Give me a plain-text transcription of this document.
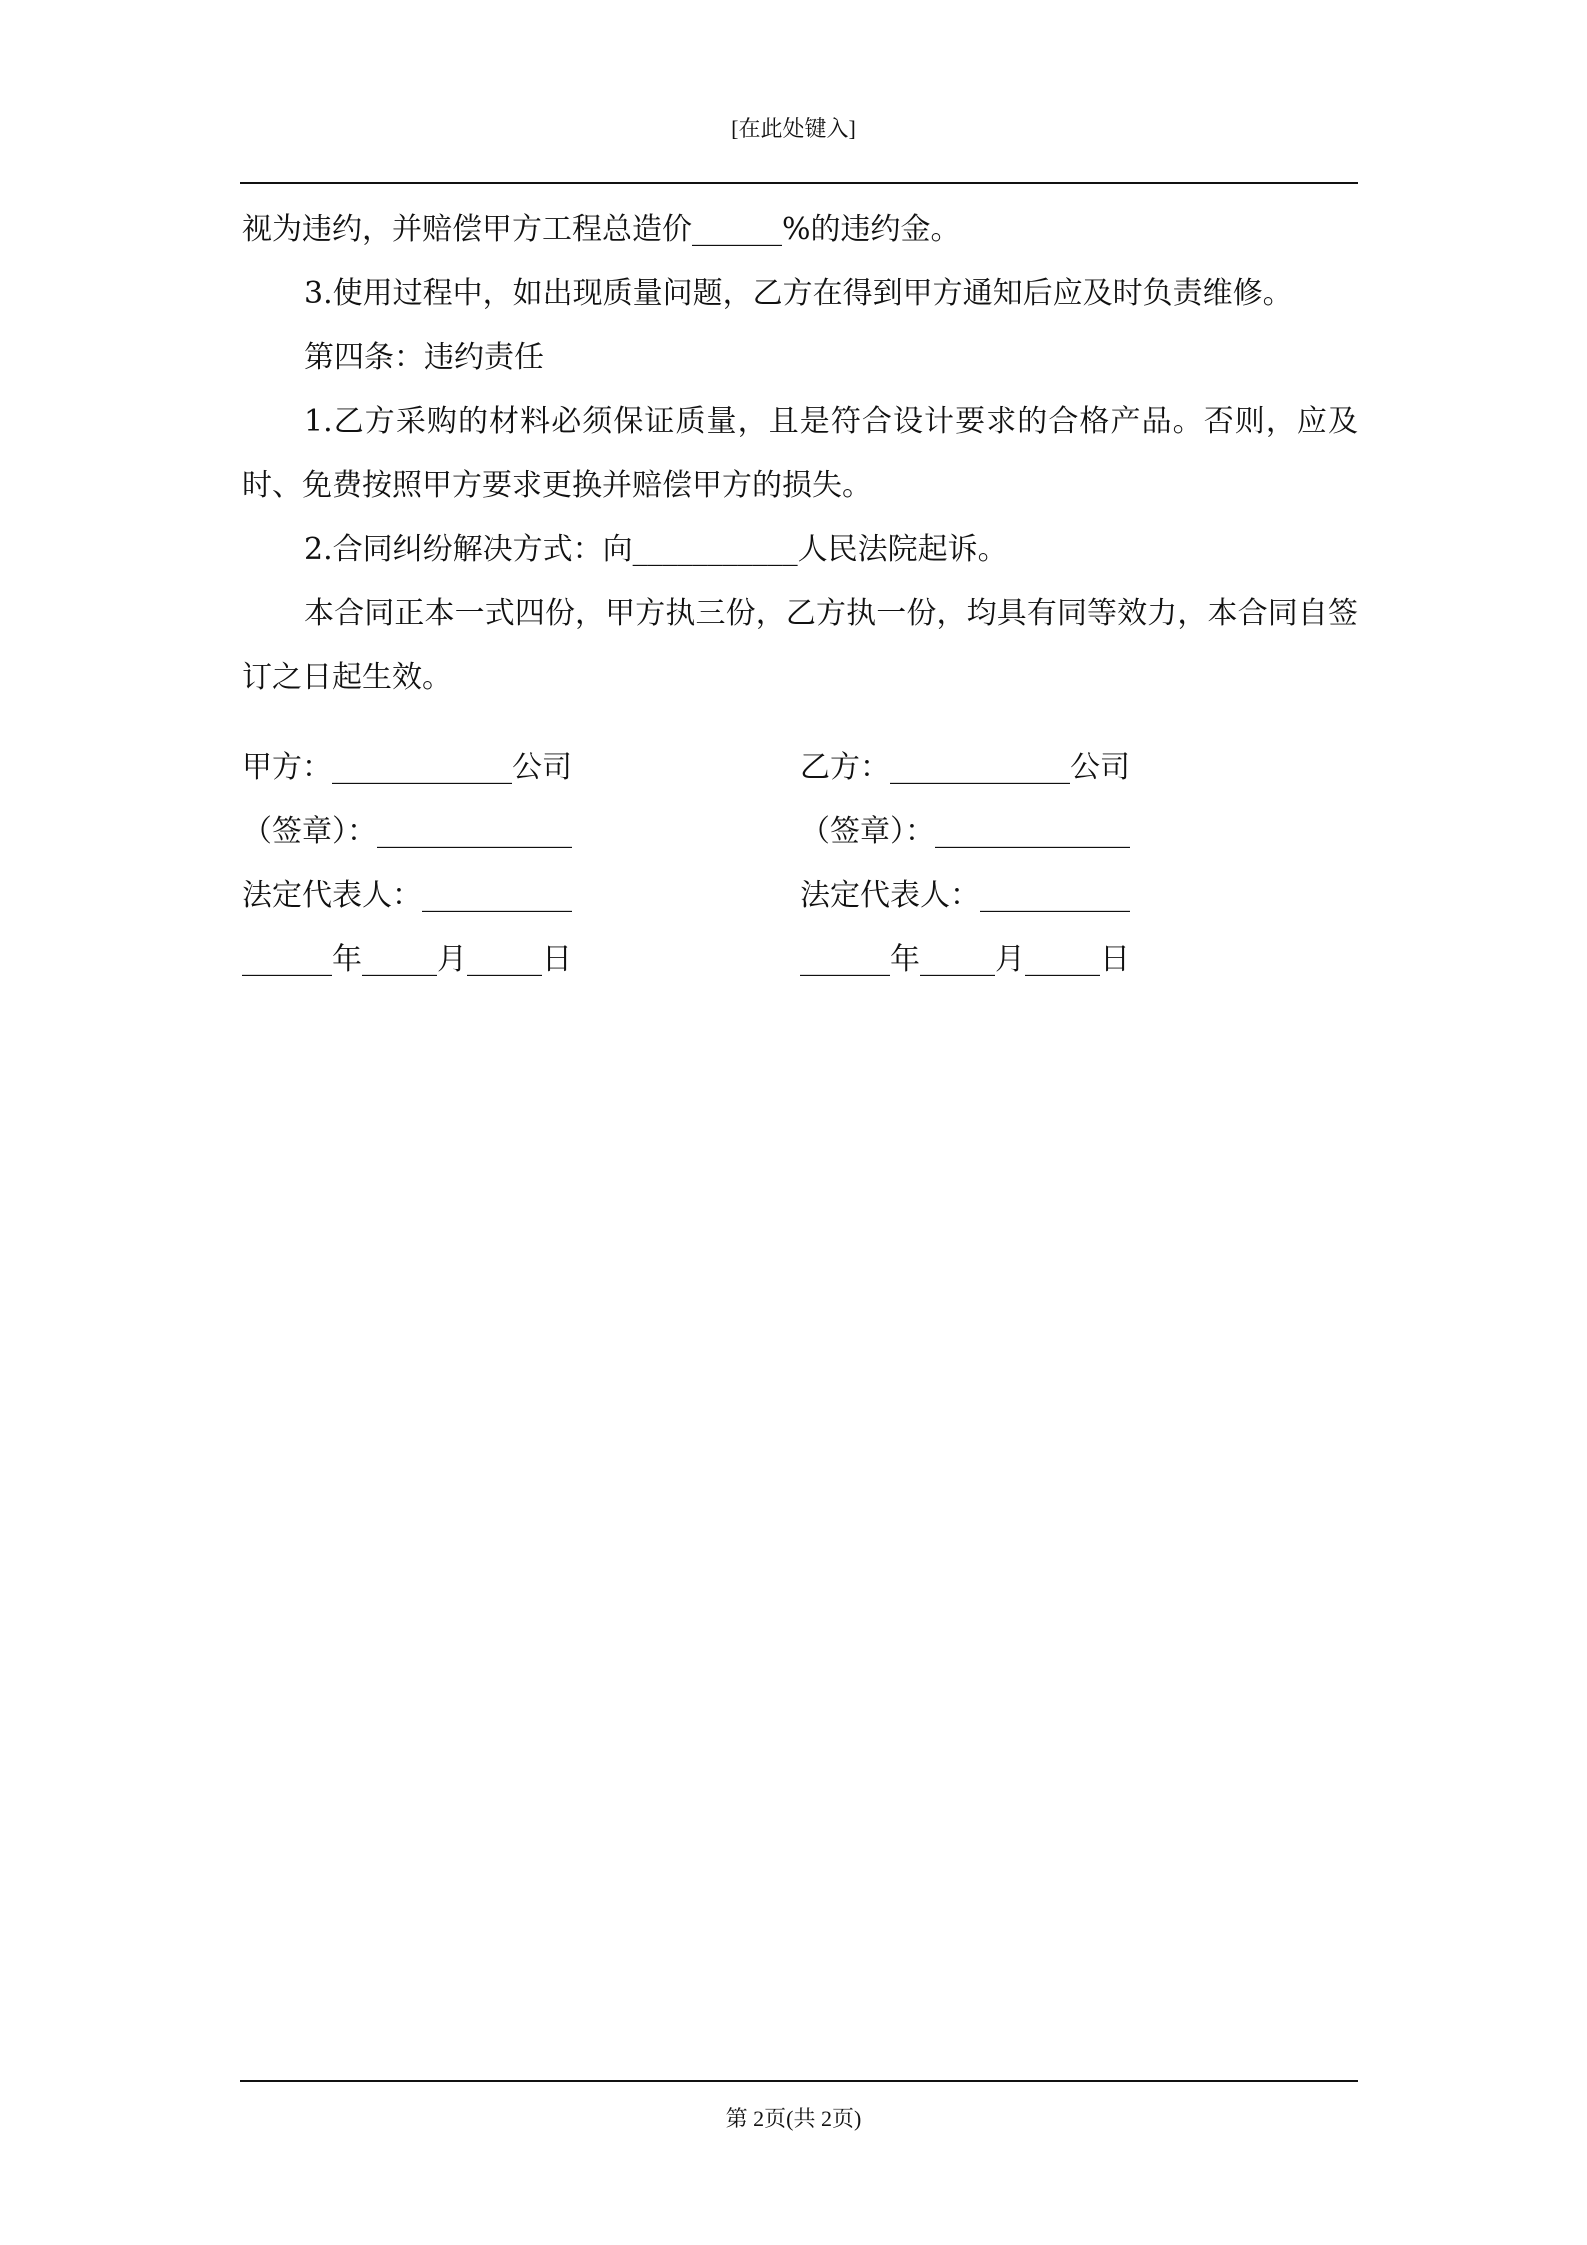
[在此处键入]

视为违约，并赔偿甲方工程总造价______%的违约金。

3.使用过程中，如出现质量问题，乙方在得到甲方通知后应及时负责维修。

第四条：违约责任

1.乙方采购的材料必须保证质量，且是符合设计要求的合格产品。否则，应及时、免费按照甲方要求更换并赔偿甲方的损失。

2.合同纠纷解决方式：向___________人民法院起诉。

本合同正本一式四份，甲方执三份，乙方执一份，均具有同等效力，本合同自签订之日起生效。

甲方：____________公司
（签章）：_____________
法定代表人：__________
______年_____月_____日
乙方：____________公司
（签章）：_____________
法定代表人：__________
______年_____月_____日
第 2页(共 2页)
